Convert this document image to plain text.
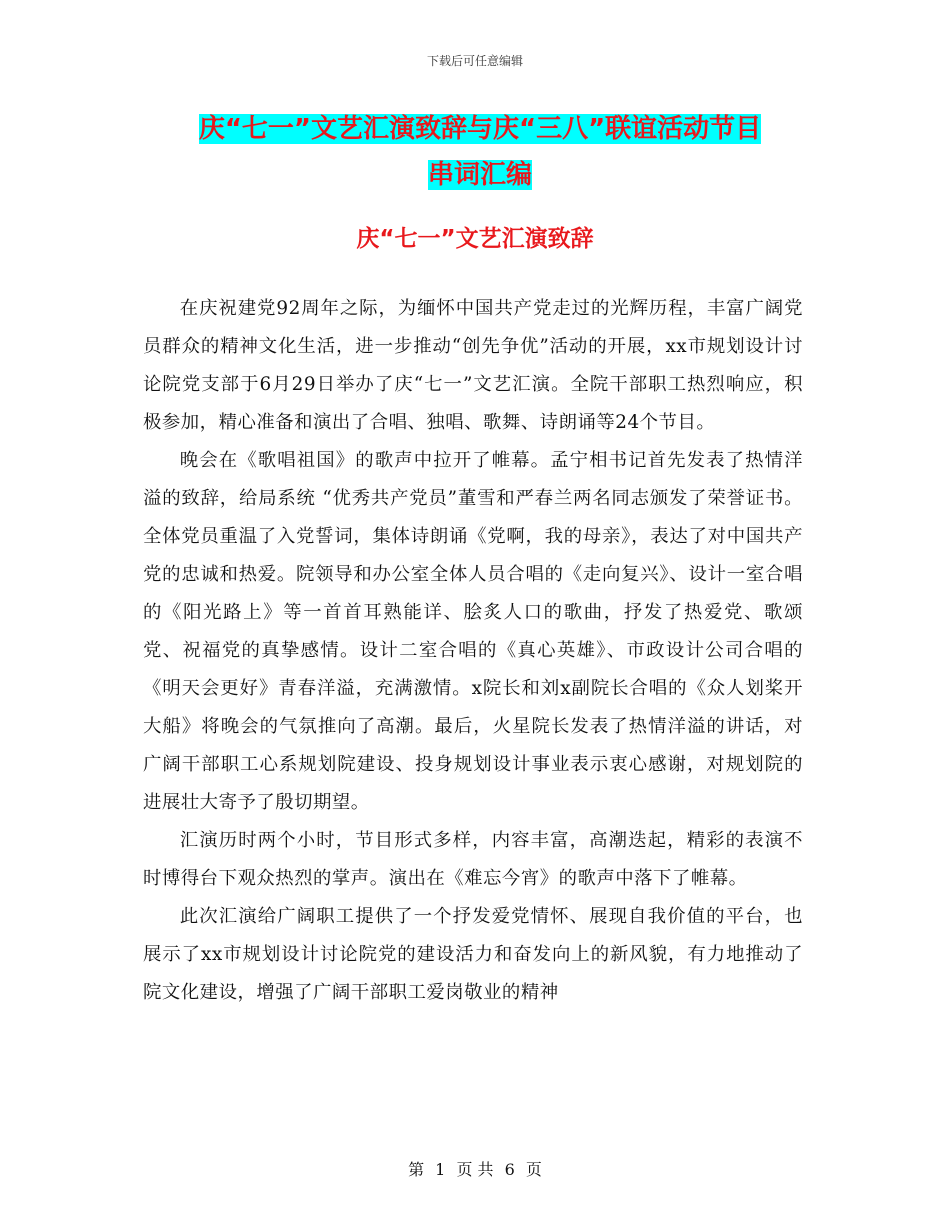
下载后可任意编辑
庆“七一”文艺汇演致辞与庆“三八”联谊活动节目
串词汇编
庆“七一”文艺汇演致辞

在庆祝建党92周年之际，为缅怀中国共产党走过的光辉历程，丰富广阔党员群众的精神文化生活，进一步推动“创先争优”活动的开展，xx市规划设计讨论院党支部于6月29日举办了庆“七一”文艺汇演。全院干部职工热烈响应，积极参加，精心准备和演出了合唱、独唱、歌舞、诗朗诵等24个节目。

晚会在《歌唱祖国》的歌声中拉开了帷幕。孟宁相书记首先发表了热情洋溢的致辞，给局系统 “优秀共产党员”董雪和严春兰两名同志颁发了荣誉证书。全体党员重温了入党誓词，集体诗朗诵《党啊，我的母亲》，表达了对中国共产党的忠诚和热爱。院领导和办公室全体人员合唱的《走向复兴》、设计一室合唱的《阳光路上》等一首首耳熟能详、脍炙人口的歌曲，抒发了热爱党、歌颂党、祝福党的真挚感情。设计二室合唱的《真心英雄》、市政设计公司合唱的《明天会更好》青春洋溢，充满激情。x院长和刘x副院长合唱的《众人划桨开大船》将晚会的气氛推向了高潮。最后，火星院长发表了热情洋溢的讲话，对广阔干部职工心系规划院建设、投身规划设计事业表示衷心感谢，对规划院的进展壮大寄予了殷切期望。

汇演历时两个小时，节目形式多样，内容丰富，高潮迭起，精彩的表演不时博得台下观众热烈的掌声。演出在《难忘今宵》的歌声中落下了帷幕。

此次汇演给广阔职工提供了一个抒发爱党情怀、展现自我价值的平台，也展示了xx市规划设计讨论院党的建设活力和奋发向上的新风貌，有力地推动了院文化建设，增强了广阔干部职工爱岗敬业的精神

第 1 页 共 6 页
